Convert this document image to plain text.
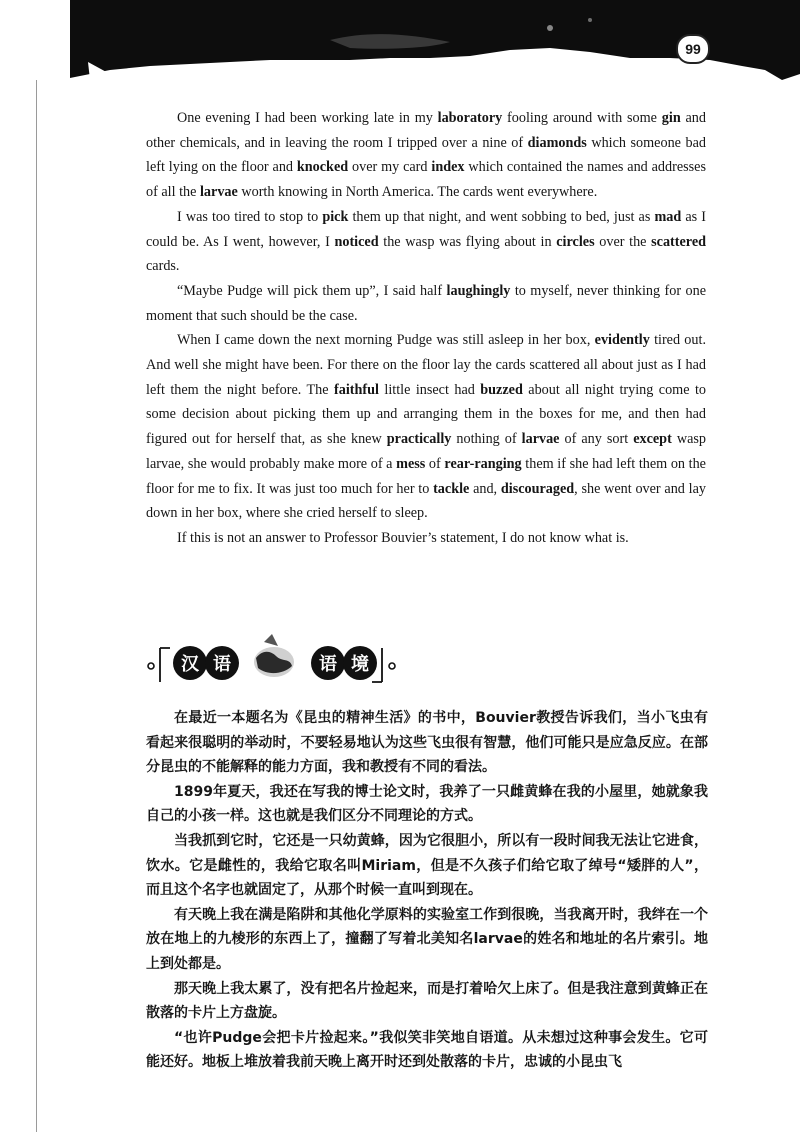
99

One evening I had been working late in my laboratory fooling around with some gin and other chemicals, and in leaving the room I tripped over a nine of diamonds which someone bad left lying on the floor and knocked over my card index which contained the names and addresses of all the larvae worth knowing in North America. The cards went everywhere.

I was too tired to stop to pick them up that night, and went sobbing to bed, just as mad as I could be. As I went, however, I noticed the wasp was flying about in circles over the scattered cards.

“Maybe Pudge will pick them up”, I said half laughingly to myself, never thinking for one moment that such should be the case.

When I came down the next morning Pudge was still asleep in her box, evidently tired out. And well she might have been. For there on the floor lay the cards scattered all about just as I had left them the night before. The faithful little insect had buzzed about all night trying come to some decision about picking them up and arranging them in the boxes for me, and then had figured out for herself that, as she knew practically nothing of larvae of any sort except wasp larvae, she would probably make more of a mess of rear-ranging them if she had left them on the floor for me to fix. It was just too much for her to tackle and, discouraged, she went over and lay down in her box, where she cried herself to sleep.

If this is not an answer to Professor Bouvier’s statement, I do not know what is.

汉 语	语 境

在最近一本题名为《昆虫的精神生活》的书中，Bouvier教授告诉我们，当小飞虫有看起来很聪明的举动时，不要轻易地认为这些飞虫很有智慧，他们可能只是应急反应。在部分昆虫的不能解释的能力方面，我和教授有不同的看法。

1899年夏天，我还在写我的博士论文时，我养了一只雌黄蜂在我的小屋里，她就象我自己的小孩一样。这也就是我们区分不同理论的方式。

当我抓到它时，它还是一只幼黄蜂，因为它很胆小，所以有一段时间我无法让它进食，饮水。它是雌性的，我给它取名叫Miriam，但是不久孩子们给它取了绰号“矮胖的人”，而且这个名字也就固定了，从那个时候一直叫到现在。

有天晚上我在满是陷阱和其他化学原料的实验室工作到很晚，当我离开时，我绊在一个放在地上的九棱形的东西上了，撞翻了写着北美知名larvae的姓名和地址的名片索引。地上到处都是。

那天晚上我太累了，没有把名片捡起来，而是打着哈欠上床了。但是我注意到黄蜂正在散落的卡片上方盘旋。

“也许Pudge会把卡片捡起来。”我似笑非笑地自语道。从未想过这种事会发生。它可能还好。地板上堆放着我前天晚上离开时还到处散落的卡片，忠诚的小昆虫飞
